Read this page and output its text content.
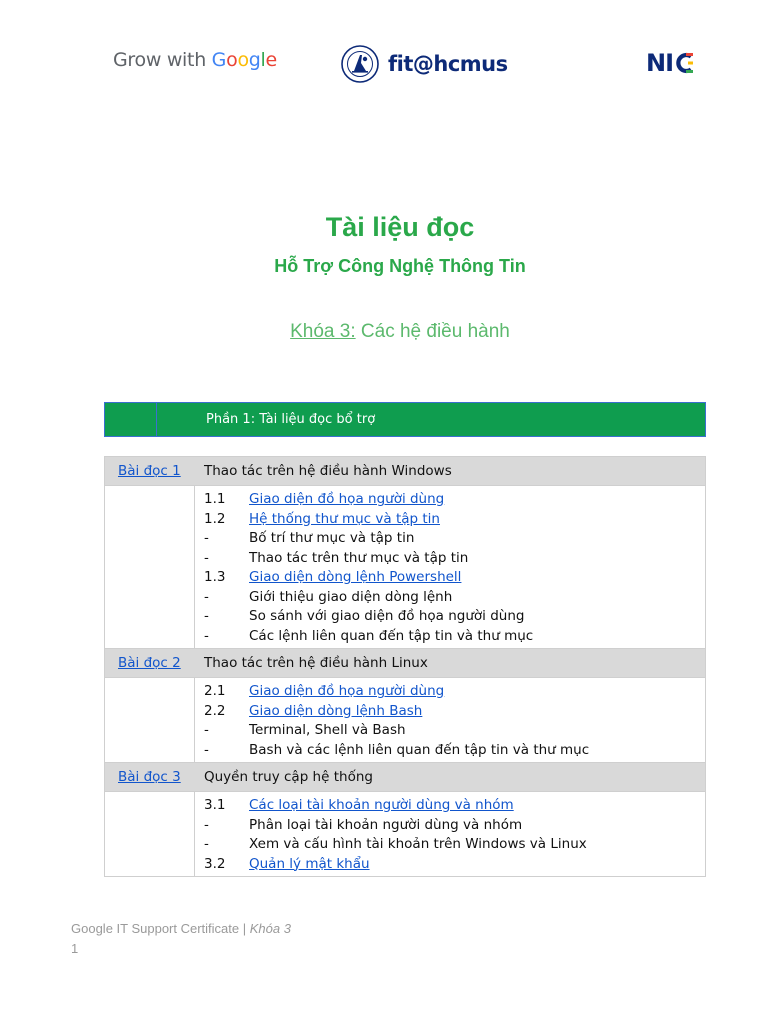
Grow with Google	fit@hcmus	NI
Tài liệu đọc
Hỗ Trợ Công Nghệ Thông Tin
Khóa 3: Các hệ điều hành
Phần 1: Tài liệu đọc bổ trợ
Bài đọc 1 Thao tác trên hệ điều hành Windows
1.1 Giao diện đồ họa người dùng
1.2 Hệ thống thư mục và tập tin
-	Bố trí thư mục và tập tin
-	Thao tác trên thư mục và tập tin
1.3 Giao diện dòng lệnh Powershell
-	Giới thiệu giao diện dòng lệnh
-	So sánh với giao diện đồ họa người dùng
-	Các lệnh liên quan đến tập tin và thư mục
Bài đọc 2 Thao tác trên hệ điều hành Linux
2.1 Giao diện đồ họa người dùng
2.2 Giao diện dòng lệnh Bash
-	Terminal, Shell và Bash
-	Bash và các lệnh liên quan đến tập tin và thư mục
Bài đọc 3 Quyền truy cập hệ thống
3.1 Các loại tài khoản người dùng và nhóm
-	Phân loại tài khoản người dùng và nhóm
-	Xem và cấu hình tài khoản trên Windows và Linux
3.2 Quản lý mật khẩu
Google IT Support Certificate | Khóa 3
1
